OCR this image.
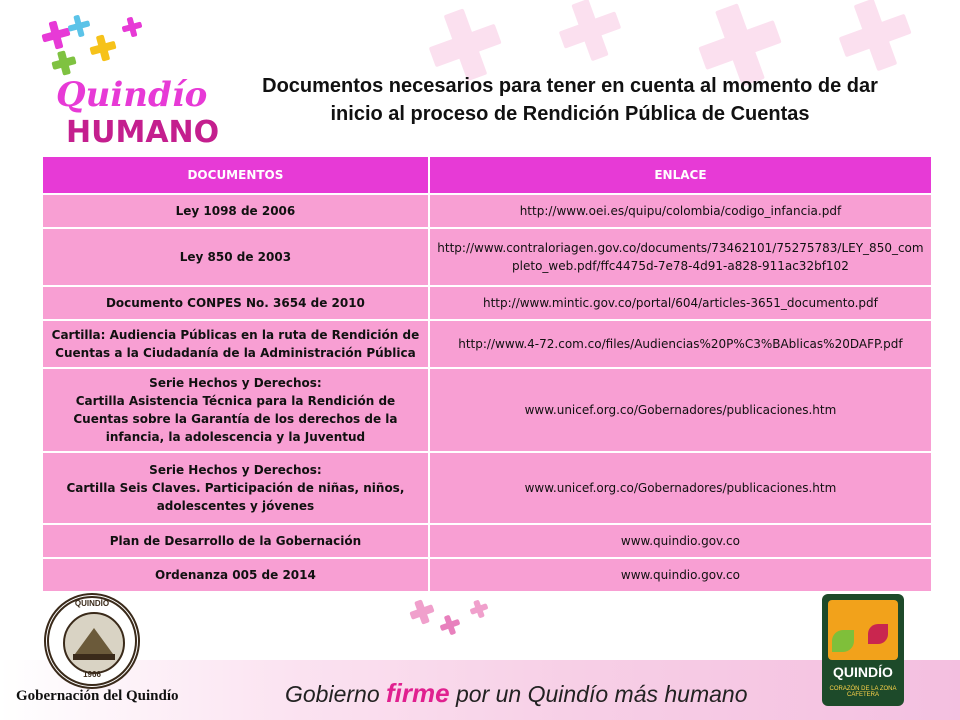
Quindío
HUMANO
Documentos necesarios para tener en cuenta al momento de dar
inicio al proceso de Rendición Pública de Cuentas
DOCUMENTOS	ENLACE
Ley 1098 de 2006	http://www.oei.es/quipu/colombia/codigo_infancia.pdf
Ley 850 de 2003	http://www.contraloriagen.gov.co/documents/73462101/75275783/LEY_850_completo_web.pdf/ffc4475d-7e78-4d91-a828-911ac32bf102
Documento CONPES No. 3654 de 2010	http://www.mintic.gov.co/portal/604/articles-3651_documento.pdf
Cartilla: Audiencia Públicas en la ruta de Rendición de Cuentas a la Ciudadanía de la Administración Pública	http://www.4-72.com.co/files/Audiencias%20P%C3%BAblicas%20DAFP.pdf
Serie Hechos y Derechos:
Cartilla Asistencia Técnica para la Rendición de Cuentas sobre la Garantía de los derechos de la infancia, la adolescencia y la Juventud	www.unicef.org.co/Gobernadores/publicaciones.htm
Serie Hechos y Derechos:
Cartilla Seis Claves. Participación de niñas, niños, adolescentes y jóvenes	www.unicef.org.co/Gobernadores/publicaciones.htm
Plan de Desarrollo de la Gobernación	www.quindio.gov.co
Ordenanza 005 de 2014	www.quindio.gov.co
QUINDÍO
1966
Gobernación del Quindío	Gobierno firme por un Quindío más humano
QUINDÍO
CORAZÓN DE LA ZONA CAFETERA
